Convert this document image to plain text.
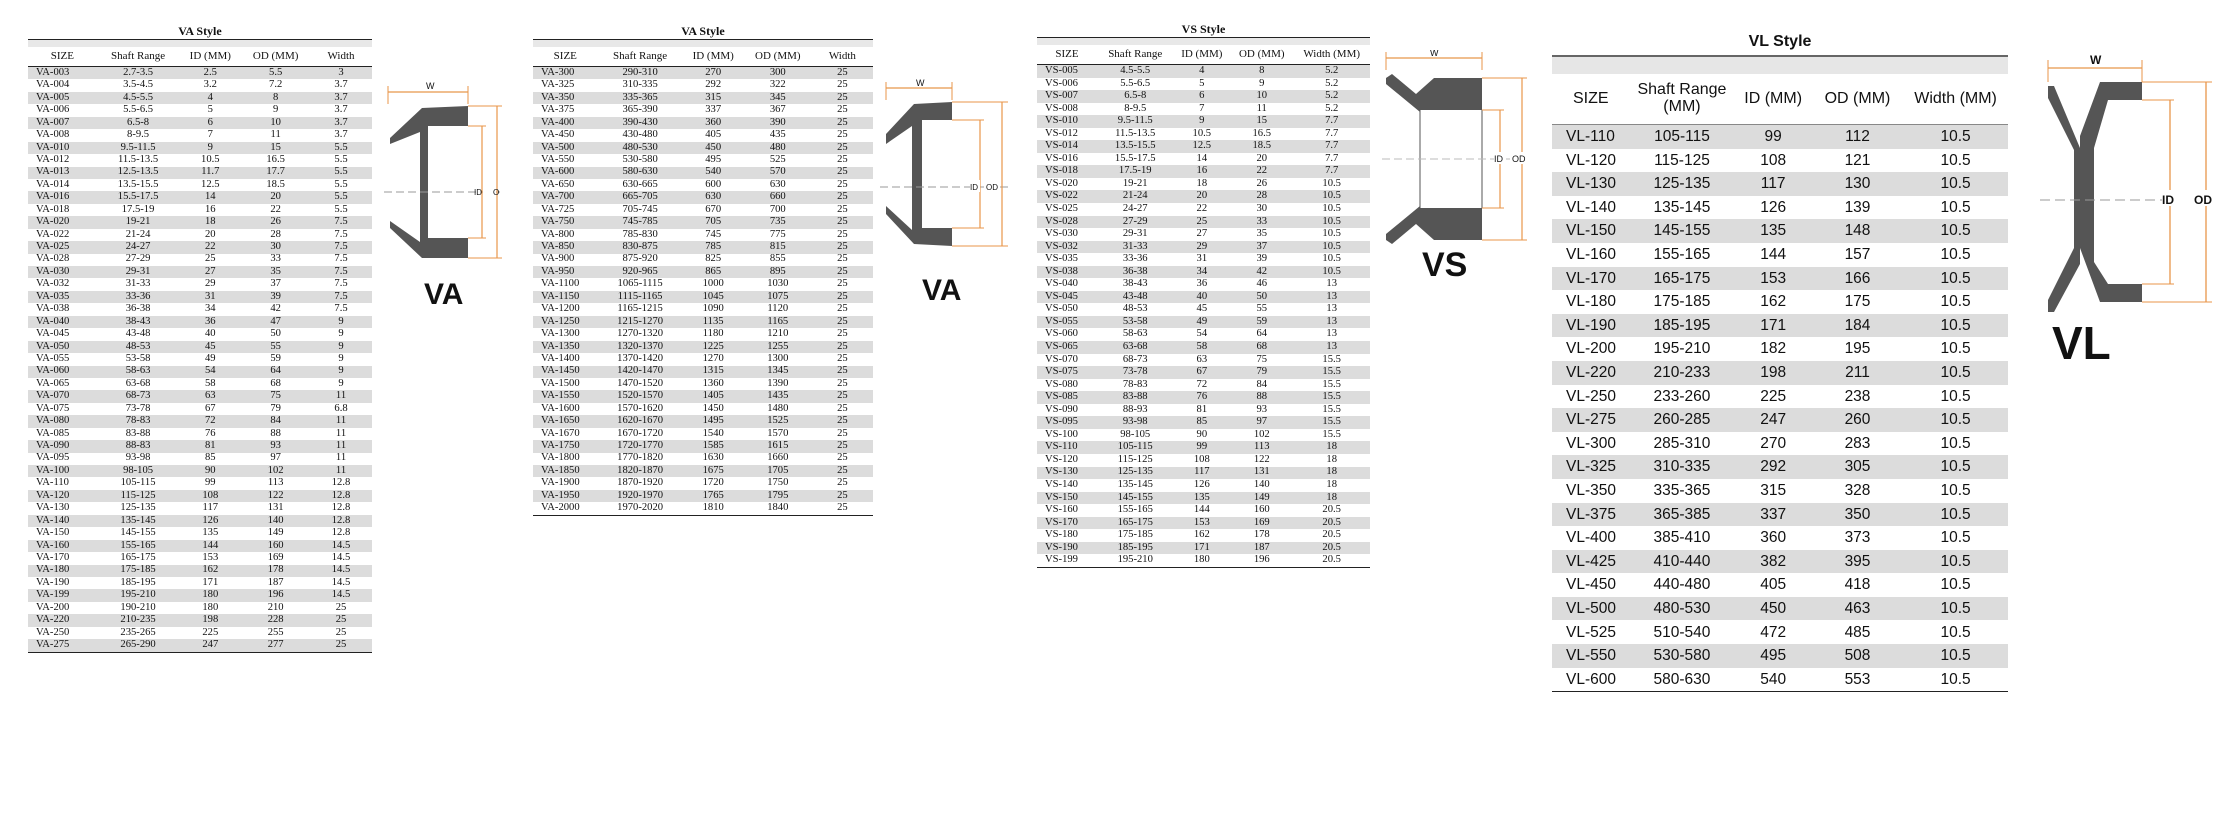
VA Style
SIZE	Shaft Range	ID (MM)	OD (MM)	Width
VA-003	2.7-3.5	2.5	5.5	3
VA-004	3.5-4.5	3.2	7.2	3.7
VA-005	4.5-5.5	4	8	3.7
VA-006	5.5-6.5	5	9	3.7
VA-007	6.5-8	6	10	3.7
VA-008	8-9.5	7	11	3.7
VA-010	9.5-11.5	9	15	5.5
VA-012	11.5-13.5	10.5	16.5	5.5
VA-013	12.5-13.5	11.7	17.7	5.5
VA-014	13.5-15.5	12.5	18.5	5.5
VA-016	15.5-17.5	14	20	5.5
VA-018	17.5-19	16	22	5.5
VA-020	19-21	18	26	7.5
VA-022	21-24	20	28	7.5
VA-025	24-27	22	30	7.5
VA-028	27-29	25	33	7.5
VA-030	29-31	27	35	7.5
VA-032	31-33	29	37	7.5
VA-035	33-36	31	39	7.5
VA-038	36-38	34	42	7.5
VA-040	38-43	36	47	9
VA-045	43-48	40	50	9
VA-050	48-53	45	55	9
VA-055	53-58	49	59	9
VA-060	58-63	54	64	9
VA-065	63-68	58	68	9
VA-070	68-73	63	75	11
VA-075	73-78	67	79	6.8
VA-080	78-83	72	84	11
VA-085	83-88	76	88	11
VA-090	88-83	81	93	11
VA-095	93-98	85	97	11
VA-100	98-105	90	102	11
VA-110	105-115	99	113	12.8
VA-120	115-125	108	122	12.8
VA-130	125-135	117	131	12.8
VA-140	135-145	126	140	12.8
VA-150	145-155	135	149	12.8
VA-160	155-165	144	160	14.5
VA-170	165-175	153	169	14.5
VA-180	175-185	162	178	14.5
VA-190	185-195	171	187	14.5
VA-199	195-210	180	196	14.5
VA-200	190-210	180	210	25
VA-220	210-235	198	228	25
VA-250	235-265	225	255	25
VA-275	265-290	247	277	25
W
ID O
VA
VA Style
SIZE	Shaft Range	ID (MM)	OD (MM)	Width
VA-300	290-310	270	300	25
VA-325	310-335	292	322	25
VA-350	335-365	315	345	25
VA-375	365-390	337	367	25
VA-400	390-430	360	390	25
VA-450	430-480	405	435	25
VA-500	480-530	450	480	25
VA-550	530-580	495	525	25
VA-600	580-630	540	570	25
VA-650	630-665	600	630	25
VA-700	665-705	630	660	25
VA-725	705-745	670	700	25
VA-750	745-785	705	735	25
VA-800	785-830	745	775	25
VA-850	830-875	785	815	25
VA-900	875-920	825	855	25
VA-950	920-965	865	895	25
VA-1100	1065-1115	1000	1030	25
VA-1150	1115-1165	1045	1075	25
VA-1200	1165-1215	1090	1120	25
VA-1250	1215-1270	1135	1165	25
VA-1300	1270-1320	1180	1210	25
VA-1350	1320-1370	1225	1255	25
VA-1400	1370-1420	1270	1300	25
VA-1450	1420-1470	1315	1345	25
VA-1500	1470-1520	1360	1390	25
VA-1550	1520-1570	1405	1435	25
VA-1600	1570-1620	1450	1480	25
VA-1650	1620-1670	1495	1525	25
VA-1670	1670-1720	1540	1570	25
VA-1750	1720-1770	1585	1615	25
VA-1800	1770-1820	1630	1660	25
VA-1850	1820-1870	1675	1705	25
VA-1900	1870-1920	1720	1750	25
VA-1950	1920-1970	1765	1795	25
VA-2000	1970-2020	1810	1840	25
W
ID OD
VA
VS Style
SIZE	Shaft Range	ID (MM)	OD (MM)	Width (MM)
VS-005	4.5-5.5	4	8	5.2
VS-006	5.5-6.5	5	9	5.2
VS-007	6.5-8	6	10	5.2
VS-008	8-9.5	7	11	5.2
VS-010	9.5-11.5	9	15	7.7
VS-012	11.5-13.5	10.5	16.5	7.7
VS-014	13.5-15.5	12.5	18.5	7.7
VS-016	15.5-17.5	14	20	7.7
VS-018	17.5-19	16	22	7.7
VS-020	19-21	18	26	10.5
VS-022	21-24	20	28	10.5
VS-025	24-27	22	30	10.5
VS-028	27-29	25	33	10.5
VS-030	29-31	27	35	10.5
VS-032	31-33	29	37	10.5
VS-035	33-36	31	39	10.5
VS-038	36-38	34	42	10.5
VS-040	38-43	36	46	13
VS-045	43-48	40	50	13
VS-050	48-53	45	55	13
VS-055	53-58	49	59	13
VS-060	58-63	54	64	13
VS-065	63-68	58	68	13
VS-070	68-73	63	75	15.5
VS-075	73-78	67	79	15.5
VS-080	78-83	72	84	15.5
VS-085	83-88	76	88	15.5
VS-090	88-93	81	93	15.5
VS-095	93-98	85	97	15.5
VS-100	98-105	90	102	15.5
VS-110	105-115	99	113	18
VS-120	115-125	108	122	18
VS-130	125-135	117	131	18
VS-140	135-145	126	140	18
VS-150	145-155	135	149	18
VS-160	155-165	144	160	20.5
VS-170	165-175	153	169	20.5
VS-180	175-185	162	178	20.5
VS-190	185-195	171	187	20.5
VS-199	195-210	180	196	20.5
W
ID OD
VS
VL Style
SIZE	Shaft Range (MM)	ID (MM)	OD (MM)	Width (MM)
VL-110	105-115	99	112	10.5
VL-120	115-125	108	121	10.5
VL-130	125-135	117	130	10.5
VL-140	135-145	126	139	10.5
VL-150	145-155	135	148	10.5
VL-160	155-165	144	157	10.5
VL-170	165-175	153	166	10.5
VL-180	175-185	162	175	10.5
VL-190	185-195	171	184	10.5
VL-200	195-210	182	195	10.5
VL-220	210-233	198	211	10.5
VL-250	233-260	225	238	10.5
VL-275	260-285	247	260	10.5
VL-300	285-310	270	283	10.5
VL-325	310-335	292	305	10.5
VL-350	335-365	315	328	10.5
VL-375	365-385	337	350	10.5
VL-400	385-410	360	373	10.5
VL-425	410-440	382	395	10.5
VL-450	440-480	405	418	10.5
VL-500	480-530	450	463	10.5
VL-525	510-540	472	485	10.5
VL-550	530-580	495	508	10.5
VL-600	580-630	540	553	10.5
W
ID OD
VL
